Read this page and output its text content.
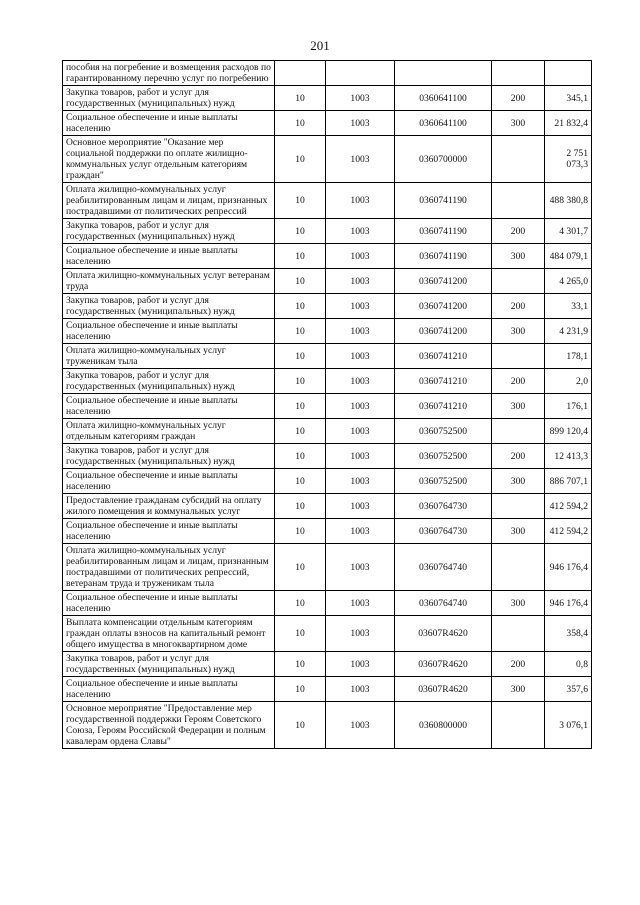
201
пособия на погребение и возмещения расходов по гарантированному перечню услуг по погребению					
Закупка товаров, работ и услуг для государственных (муниципальных) нужд	10	1003	0360641100	200	345,1
Социальное обеспечение и иные выплаты населению	10	1003	0360641100	300	21 832,4
Основное мероприятие "Оказание мер социальной поддержки по оплате жилищно-коммунальных услуг отдельным категориям граждан"	10	1003	0360700000		2 751 073,3
Оплата жилищно-коммунальных услуг реабилитированным лицам и лицам, признанных пострадавшими от политических репрессий	10	1003	0360741190		488 380,8
Закупка товаров, работ и услуг для государственных (муниципальных) нужд	10	1003	0360741190	200	4 301,7
Социальное обеспечение и иные выплаты населению	10	1003	0360741190	300	484 079,1
Оплата жилищно-коммунальных услуг ветеранам труда	10	1003	0360741200		4 265,0
Закупка товаров, работ и услуг для государственных (муниципальных) нужд	10	1003	0360741200	200	33,1
Социальное обеспечение и иные выплаты населению	10	1003	0360741200	300	4 231,9
Оплата жилищно-коммунальных услуг труженикам тыла	10	1003	0360741210		178,1
Закупка товаров, работ и услуг для государственных (муниципальных) нужд	10	1003	0360741210	200	2,0
Социальное обеспечение и иные выплаты населению	10	1003	0360741210	300	176,1
Оплата жилищно-коммунальных услуг отдельным категориям граждан	10	1003	0360752500		899 120,4
Закупка товаров, работ и услуг для государственных (муниципальных) нужд	10	1003	0360752500	200	12 413,3
Социальное обеспечение и иные выплаты населению	10	1003	0360752500	300	886 707,1
Предоставление гражданам субсидий на оплату жилого помещения и коммунальных услуг	10	1003	0360764730		412 594,2
Социальное обеспечение и иные выплаты населению	10	1003	0360764730	300	412 594,2
Оплата жилищно-коммунальных услуг реабилитированным лицам и лицам, признанным пострадавшими от политических репрессий, ветеранам труда и труженикам тыла	10	1003	0360764740		946 176,4
Социальное обеспечение и иные выплаты населению	10	1003	0360764740	300	946 176,4
Выплата компенсации отдельным категориям граждан оплаты взносов на капитальный ремонт общего имущества в многоквартирном доме	10	1003	03607R4620		358,4
Закупка товаров, работ и услуг для государственных (муниципальных) нужд	10	1003	03607R4620	200	0,8
Социальное обеспечение и иные выплаты населению	10	1003	03607R4620	300	357,6
Основное мероприятие "Предоставление мер государственной поддержки Героям Советского Союза, Героям Российской Федерации и полным кавалерам ордена Славы"	10	1003	0360800000		3 076,1
